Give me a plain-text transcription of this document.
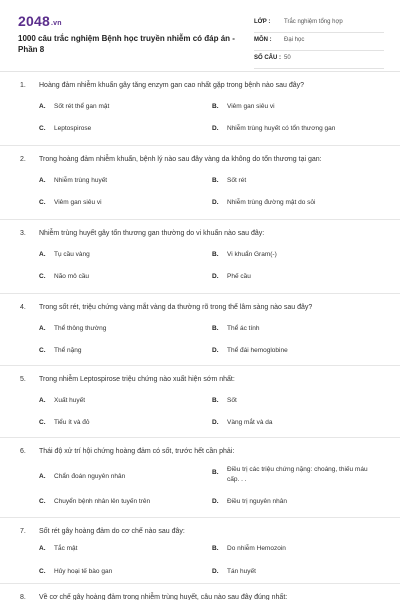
2048.vn
1000 câu trắc nghiệm Bệnh học truyền nhiễm có đáp án - Phần 8
LỚP : Trắc nghiệm tổng hợp
MÔN : Đại học
SỐ CÂU : 50
1. Hoàng đảm nhiễm khuẩn gây tăng enzym gan cao nhất gặp trong bệnh nào sau đây?
A. Sốt rét thể gan mật	B. Viêm gan siêu vi
C. Leptospirose	D. Nhiễm trùng huyết có tổn thương gan
2. Trong hoàng đảm nhiễm khuẩn, bệnh lý nào sau đây vàng da không do tổn thương tại gan:
A. Nhiễm trùng huyết	B. Sốt rét
C. Viêm gan siêu vi	D. Nhiễm trùng đường mật do sỏi
3. Nhiễm trùng huyết gây tổn thương gan thường do vi khuẩn nào sau đây:
A. Tụ cầu vàng	B. Vi khuẩn Gram(-)
C. Não mô cầu	D. Phế cầu
4. Trong sốt rét, triệu chứng vàng mắt vàng da thường rõ trong thể lâm sàng nào sau đây?
A. Thể thông thường	B. Thể ác tính
C. Thể nặng	D. Thể đái hemoglobine
5. Trong nhiễm Leptospirose triệu chứng nào xuất hiện sớm nhất:
A. Xuất huyết	B. Sốt
C. Tiểu ít và đỏ	D. Vàng mắt và da
6. Thái độ xử trí hội chứng hoàng đảm có sốt, trước hết cần phải:
A. Chẩn đoán nguyên nhân
B. Điều trị các triệu chứng nặng: choáng, thiếu máu cấp. . .
C. Chuyển bệnh nhân lên tuyến trên	D. Điều trị nguyên nhân
7. Sốt rét gây hoàng đảm do cơ chế nào sau đây:
A. Tắc mật	B. Do nhiễm Hemozoin
C. Hủy hoại tế bào gan	D. Tán huyết
8. Về cơ chế gây hoàng đảm trong nhiễm trùng huyết, câu nào sau đây đúng nhất:
